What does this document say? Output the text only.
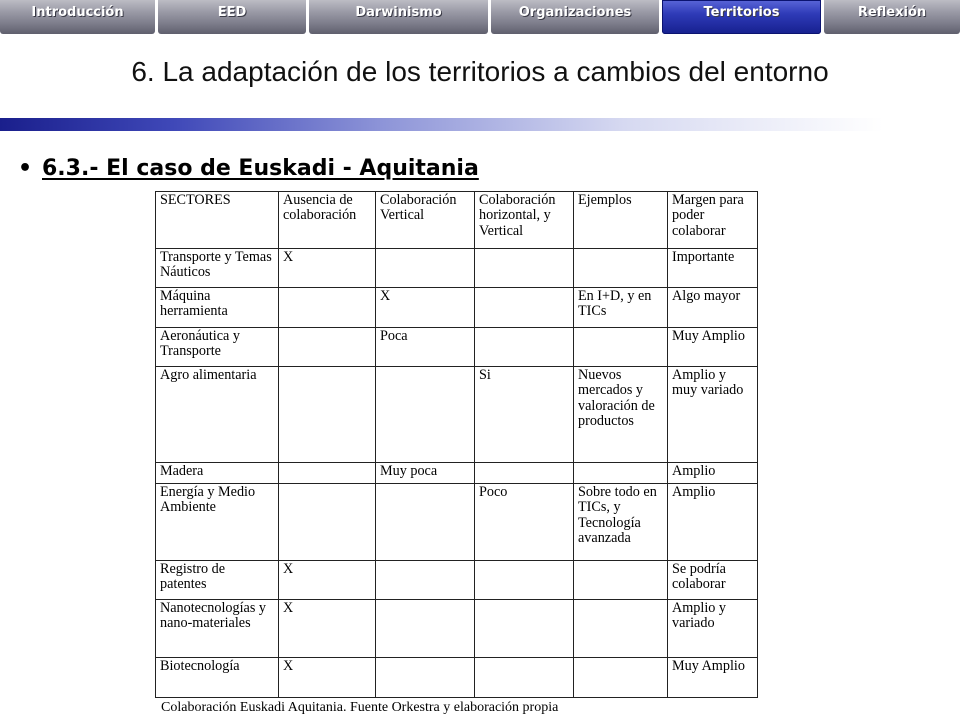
Introducción	EED	Darwinismo	Organizaciones	Territorios	Reflexión
6. La adaptación de los territorios a cambios del entorno
• 6.3.- El caso de Euskadi - Aquitania
SECTORES	Ausencia de colaboración	Colaboración Vertical	Colaboración horizontal, y Vertical	Ejemplos	Margen para poder colaborar
Transporte y Temas Náuticos	X				Importante
Máquina herramienta		X		En I+D, y en TICs	Algo mayor
Aeronáutica y Transporte		Poca			Muy Amplio
Agro alimentaria			Si	Nuevos mercados y valoración de productos	Amplio y muy variado
Madera		Muy poca			Amplio
Energía y Medio Ambiente			Poco	Sobre todo en TICs, y Tecnología avanzada	Amplio
Registro de patentes	X				Se podría colaborar
Nanotecnologías y nano-materiales	X				Amplio y variado
Biotecnología	X				Muy Amplio
Colaboración Euskadi Aquitania. Fuente Orkestra y elaboración propia
